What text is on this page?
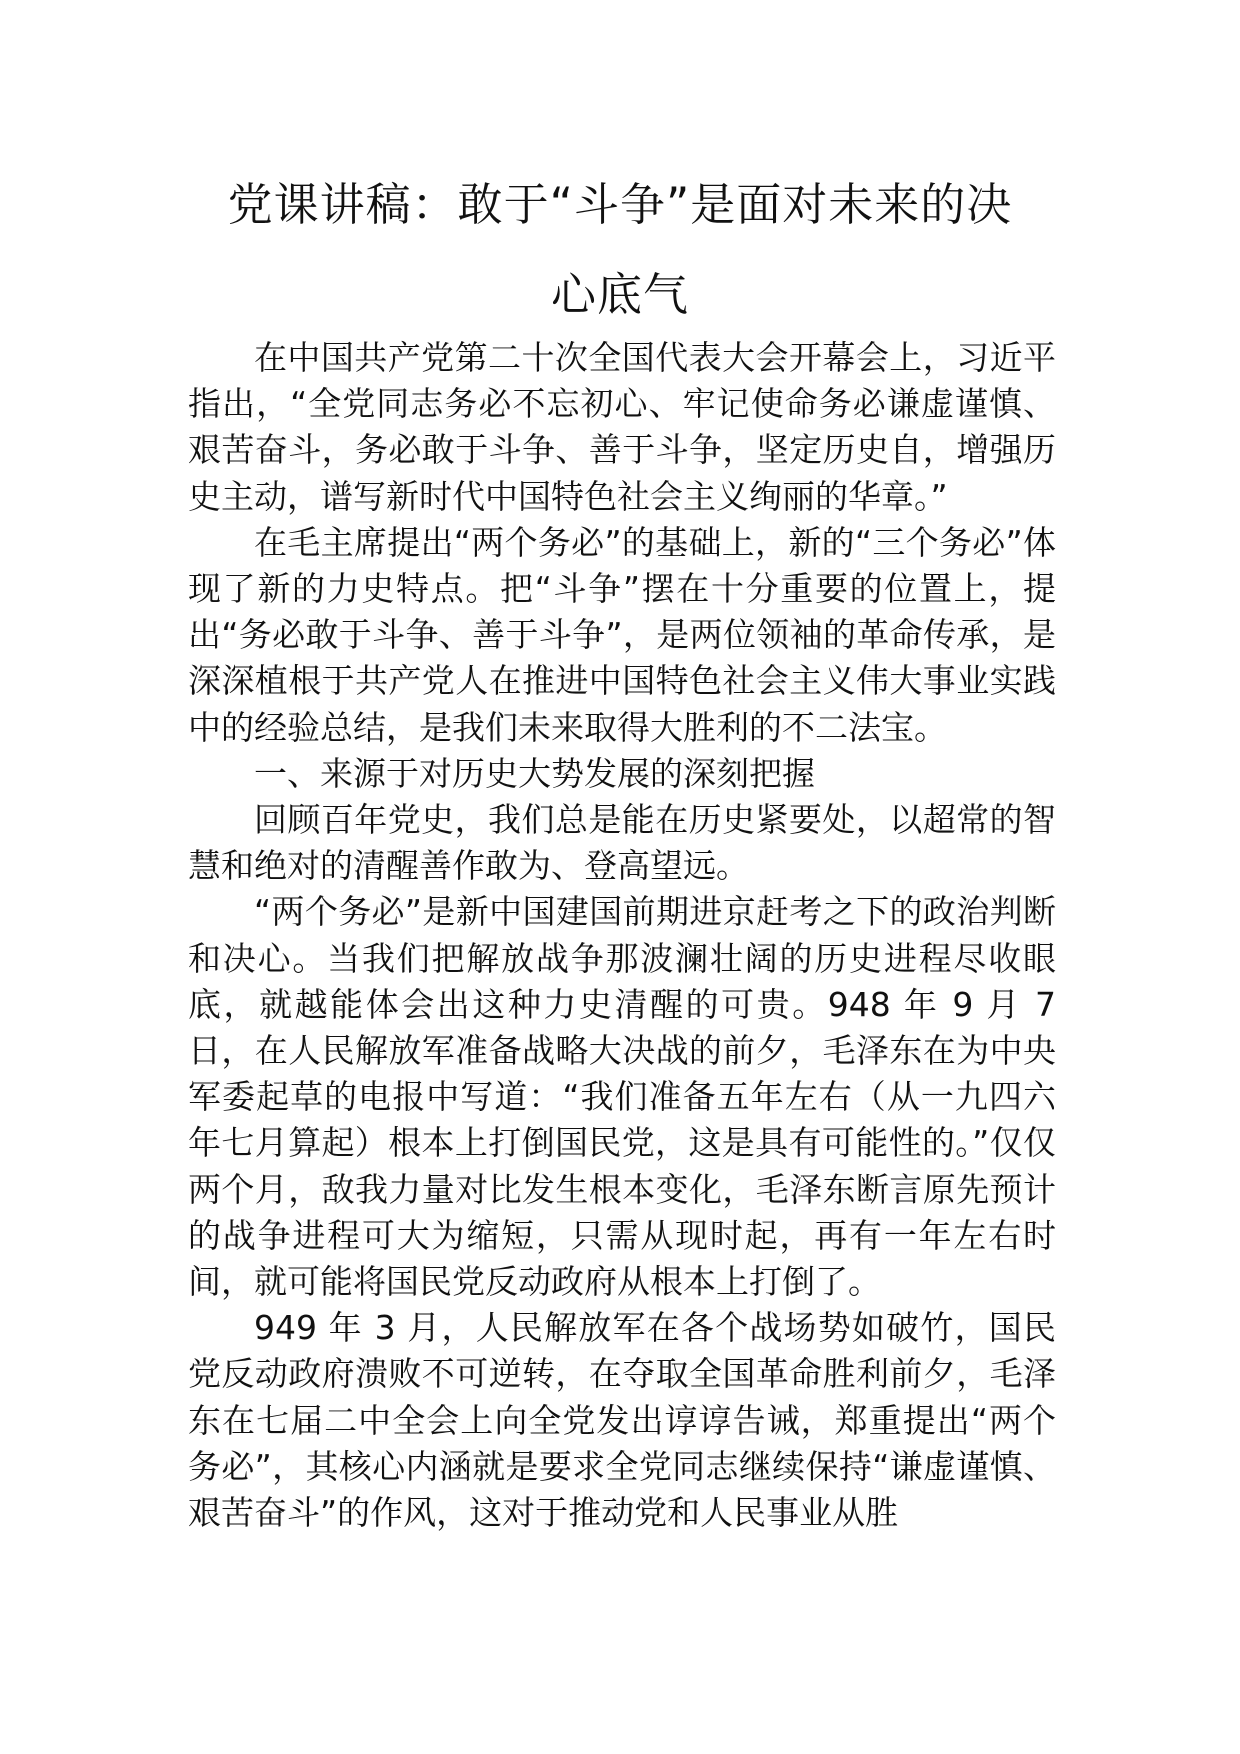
党课讲稿：敢于“斗争”是面对未来的决
心底气

在中国共产党第二十次全国代表大会开幕会上，习近平指出，“全党同志务必不忘初心、牢记使命务必谦虚谨慎、艰苦奋斗，务必敢于斗争、善于斗争，坚定历史自，增强历史主动，谱写新时代中国特色社会主义绚丽的华章。”

在毛主席提出“两个务必”的基础上，新的“三个务必”体现了新的力史特点。把“斗争”摆在十分重要的位置上，提出“务必敢于斗争、善于斗争”，是两位领袖的革命传承，是深深植根于共产党人在推进中国特色社会主义伟大事业实践中的经验总结，是我们未来取得大胜利的不二法宝。

一、来源于对历史大势发展的深刻把握

回顾百年党史，我们总是能在历史紧要处，以超常的智慧和绝对的清醒善作敢为、登高望远。

“两个务必”是新中国建国前期进京赶考之下的政治判断和决心。当我们把解放战争那波澜壮阔的历史进程尽收眼底，就越能体会出这种力史清醒的可贵。948 年 9 月 7 日，在人民解放军准备战略大决战的前夕，毛泽东在为中央军委起草的电报中写道：“我们准备五年左右（从一九四六年七月算起）根本上打倒国民党，这是具有可能性的。”仅仅两个月，敌我力量对比发生根本变化，毛泽东断言原先预计的战争进程可大为缩短，只需从现时起，再有一年左右时间，就可能将国民党反动政府从根本上打倒了。

949 年 3 月，人民解放军在各个战场势如破竹，国民党反动政府溃败不可逆转，在夺取全国革命胜利前夕，毛泽东在七届二中全会上向全党发出谆谆告诫，郑重提出“两个务必”，其核心内涵就是要求全党同志继续保持“谦虚谨慎、艰苦奋斗”的作风，这对于推动党和人民事业从胜
